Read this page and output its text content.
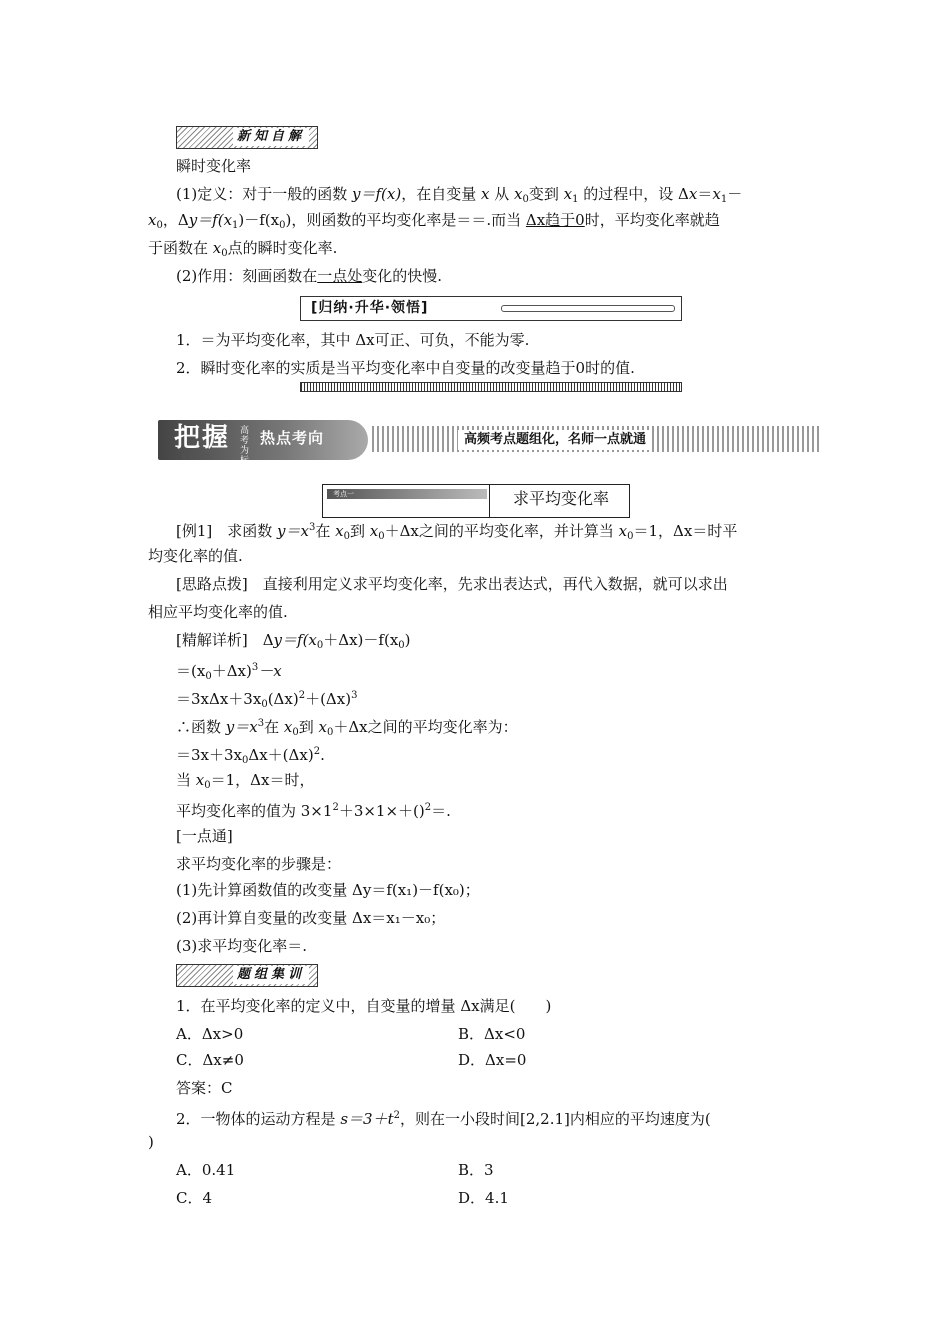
新知自解
瞬时变化率
(1)定义：对于一般的函数 y＝f(x)，在自变量 x 从 $x_0$变到 $x_1$ 的过程中，设 $\Delta x=x_1-$
$x_0$，$\Delta y=f(x_1)-f(x_0)$，则函数的平均变化率是＝＝.而当 Δx趋于0时，平均变化率就趋
于函数在 $x_0$点的瞬时变化率.
(2)作用：刻画函数在一点处变化的快慢.
[归纳·升华·领悟]
1．＝为平均变化率，其中 Δx可正、可负，不能为零.
2．瞬时变化率的实质是当平均变化率中自变量的改变量趋于0时的值.
把握 高考为标
热点考向
BAWO
高频考点题组化，名师一点就通
考点一	求平均变化率
[例1]　求函数 $y=x^3$在 $x_0$到 $x_0+\Delta x$之间的平均变化率，并计算当 $x_0=1$，Δx＝时平
均变化率的值.
[思路点拨]　直接利用定义求平均变化率，先求出表达式，再代入数据，就可以求出
相应平均变化率的值.
[精解详析]　$\Delta y=f(x_0+\Delta x)-f(x_0)$
$=(x_0+\Delta x)^3-x$
$=3x\Delta x+3x_0(\Delta x)^2+(\Delta x)^3$
∴函数 $y=x^3$在 $x_0$到 $x_0+\Delta x$之间的平均变化率为：
$=3x+3x_0\Delta x+(\Delta x)^2$.
当 $x_0=1$，Δx＝时，
平均变化率的值为 $3\times 1^2+3\times 1\times+()^2=$.
[一点通]
求平均变化率的步骤是：
(1)先计算函数值的改变量 Δy＝f(x₁)－f(x₀)；
(2)再计算自变量的改变量 Δx＝x₁－x₀；
(3)求平均变化率＝.
题组集训
1．在平均变化率的定义中，自变量的增量 Δx满足(　　)
A．Δx>0	B．Δx<0
C．Δx≠0	D．Δx=0
答案：C
2．一物体的运动方程是 $s=3+t^2$，则在一小段时间[2,2.1]内相应的平均速度为(
)
A．0.41	B．3
C．4	D．4.1
